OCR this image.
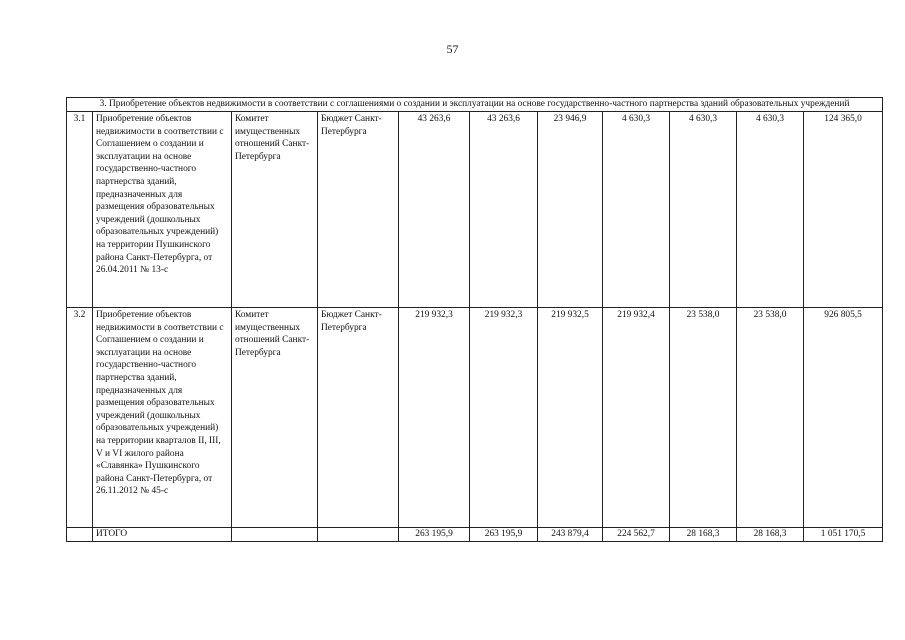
57
3. Приобретение объектов недвижимости в соответствии с соглашениями о создании и эксплуатации на основе государственно-частного партнерства зданий образовательных учреждений										
3.1	Приобретение объектов недвижимости в соответствии с Соглашением о создании и эксплуатации на основе государственно-частного партнерства зданий, предназначенных для размещения образовательных учреждений (дошкольных образовательных учреждений) на территории Пушкинского района Санкт-Петербурга, от 26.04.2011 № 13-с	Комитет имущественных отношений Санкт-Петербурга	Бюджет Санкт-Петербурга	43 263,6	43 263,6	23 946,9	4 630,3	4 630,3	4 630,3	124 365,0
3.2	Приобретение объектов недвижимости в соответствии с Соглашением о создании и эксплуатации на основе государственно-частного партнерства зданий, предназначенных для размещения образовательных учреждений (дошкольных образовательных учреждений) на территории кварталов II, III, V и VI жилого района «Славянка» Пушкинского района Санкт-Петербурга, от 26.11.2012 № 45-с	Комитет имущественных отношений Санкт-Петербурга	Бюджет Санкт-Петербурга	219 932,3	219 932,3	219 932,5	219 932,4	23 538,0	23 538,0	926 805,5
	ИТОГО			263 195,9	263 195,9	243 879,4	224 562,7	28 168,3	28 168,3	1 051 170,5
